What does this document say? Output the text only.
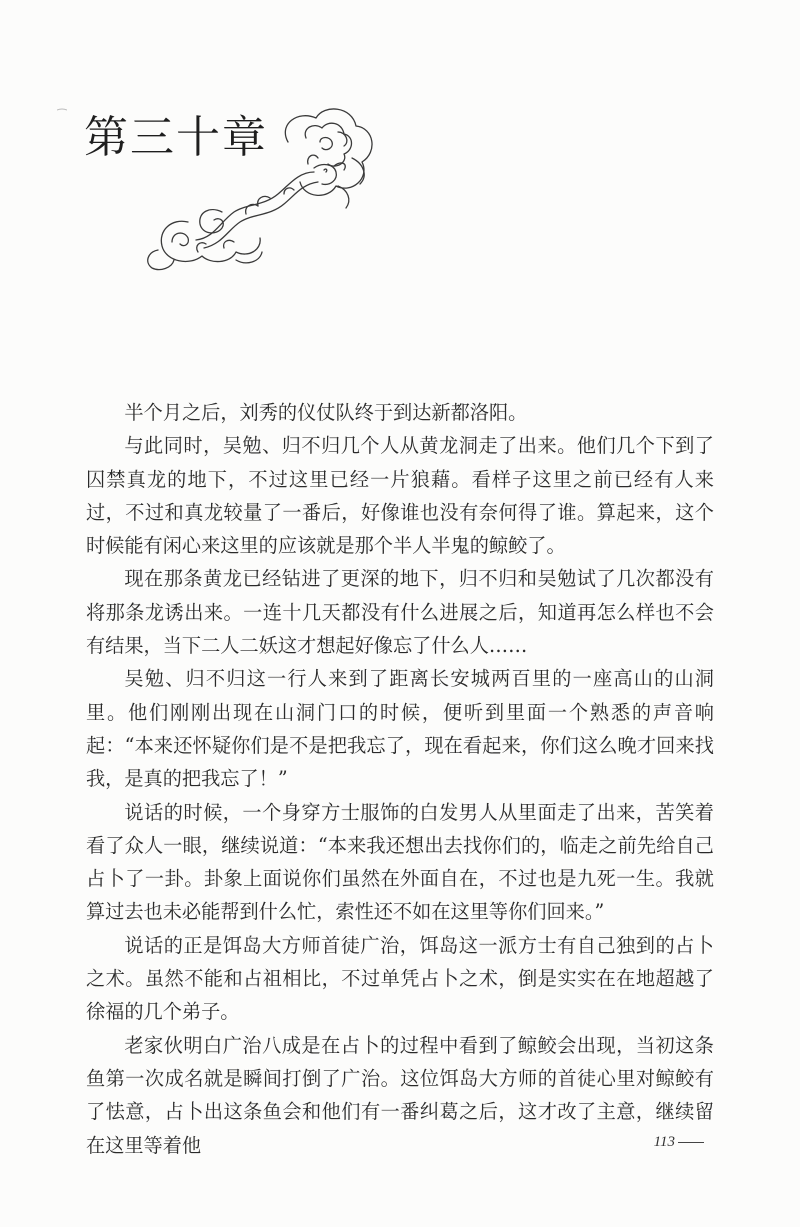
第三十章

半个月之后，刘秀的仪仗队终于到达新都洛阳。

与此同时，吴勉、归不归几个人从黄龙洞走了出来。他们几个下到了囚禁真龙的地下，不过这里已经一片狼藉。看样子这里之前已经有人来过，不过和真龙较量了一番后，好像谁也没有奈何得了谁。算起来，这个时候能有闲心来这里的应该就是那个半人半鬼的鲸鲛了。

现在那条黄龙已经钻进了更深的地下，归不归和吴勉试了几次都没有将那条龙诱出来。一连十几天都没有什么进展之后，知道再怎么样也不会有结果，当下二人二妖这才想起好像忘了什么人……

吴勉、归不归这一行人来到了距离长安城两百里的一座高山的山洞里。他们刚刚出现在山洞门口的时候，便听到里面一个熟悉的声音响起：“本来还怀疑你们是不是把我忘了，现在看起来，你们这么晚才回来找我，是真的把我忘了！”

说话的时候，一个身穿方士服饰的白发男人从里面走了出来，苦笑着看了众人一眼，继续说道：“本来我还想出去找你们的，临走之前先给自己占卜了一卦。卦象上面说你们虽然在外面自在，不过也是九死一生。我就算过去也未必能帮到什么忙，索性还不如在这里等你们回来。”

说话的正是饵岛大方师首徒广治，饵岛这一派方士有自己独到的占卜之术。虽然不能和占祖相比，不过单凭占卜之术，倒是实实在在地超越了徐福的几个弟子。

老家伙明白广治八成是在占卜的过程中看到了鲸鲛会出现，当初这条鱼第一次成名就是瞬间打倒了广治。这位饵岛大方师的首徒心里对鲸鲛有了怯意，占卜出这条鱼会和他们有一番纠葛之后，这才改了主意，继续留在这里等着他	113
